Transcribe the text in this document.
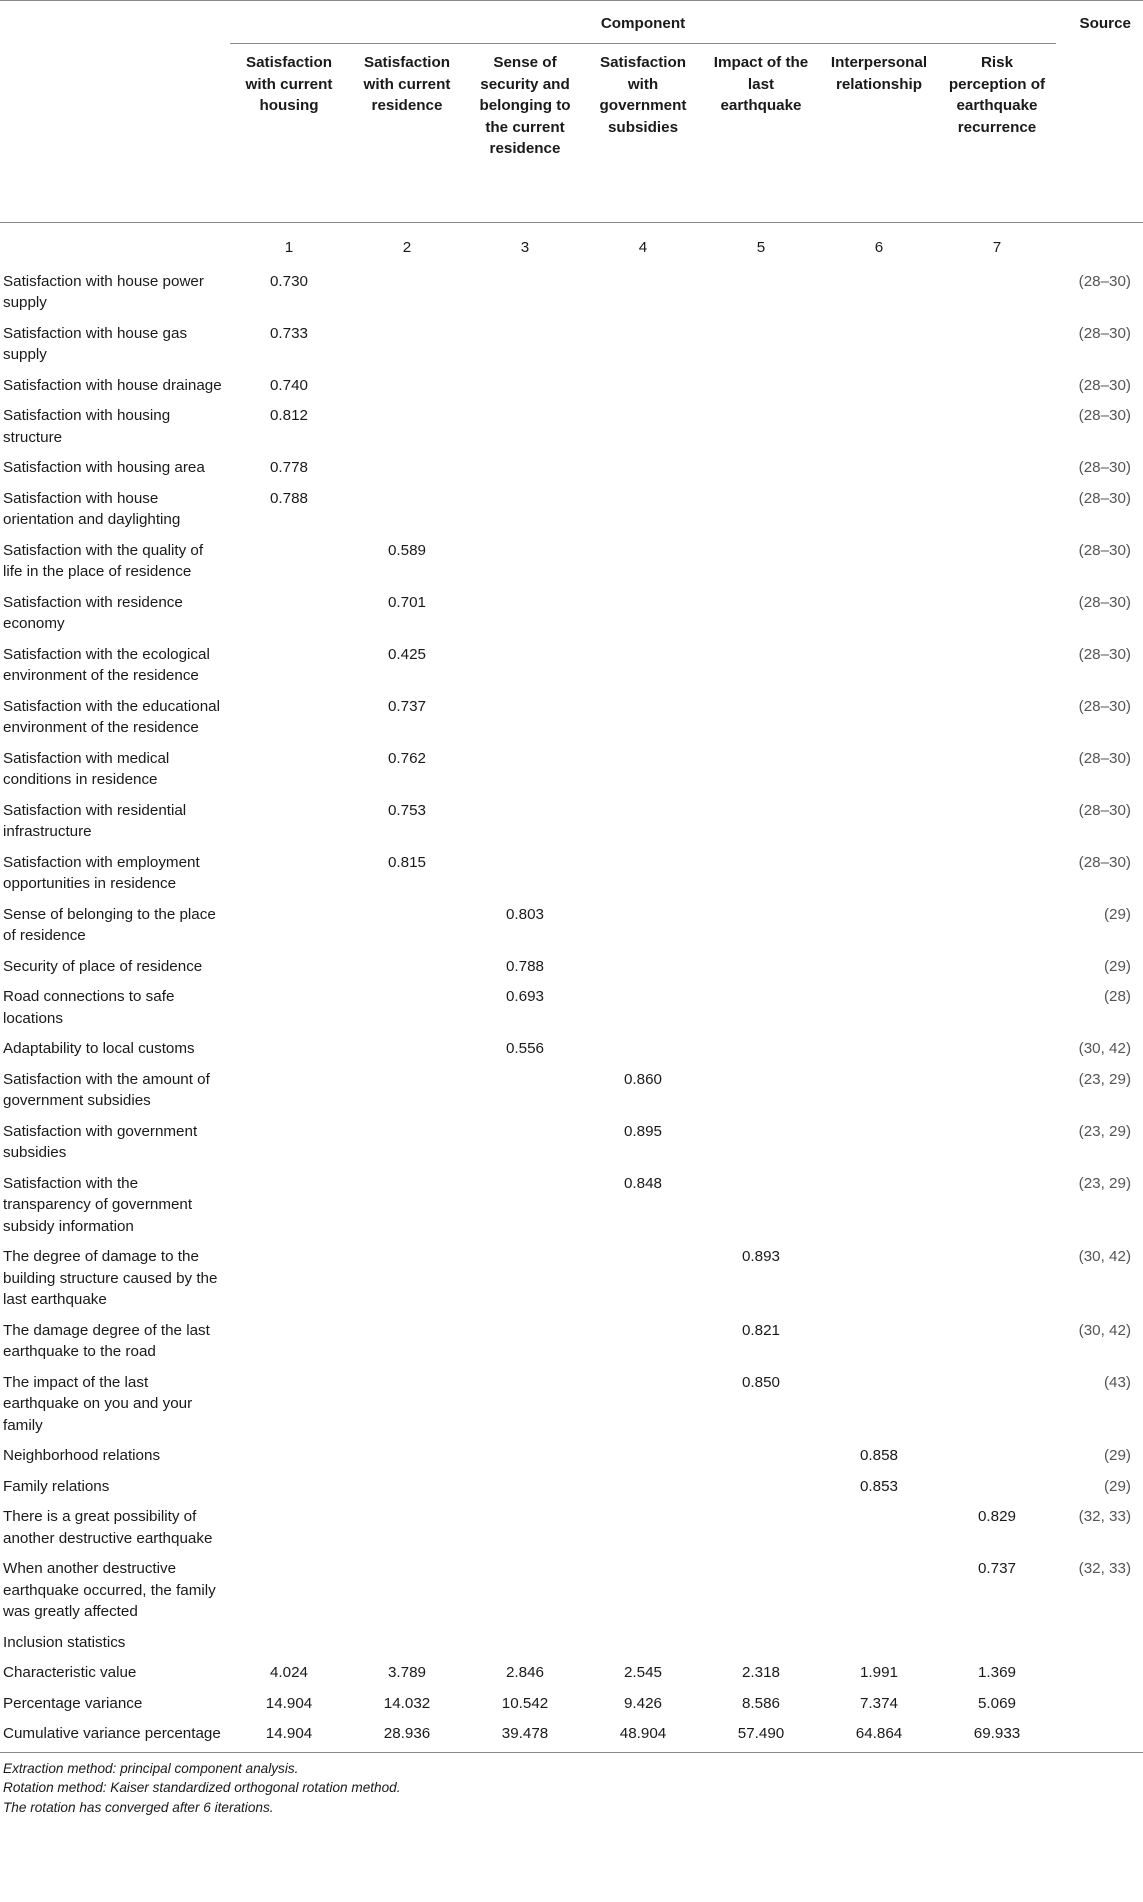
	Component							Source
	Satisfaction with current housing	Satisfaction with current residence	Sense of security and belonging to the current residence	Satisfaction with government subsidies	Impact of the last earthquake	Interpersonal relationship	Risk perception of earthquake recurrence	

	1	2	3	4	5	6	7	
Satisfaction with house power supply	0.730							(28–30)
Satisfaction with house gas supply	0.733							(28–30)
Satisfaction with house drainage	0.740							(28–30)
Satisfaction with housing structure	0.812							(28–30)
Satisfaction with housing area	0.778							(28–30)
Satisfaction with house orientation and daylighting	0.788							(28–30)
Satisfaction with the quality of life in the place of residence		0.589						(28–30)
Satisfaction with residence economy		0.701						(28–30)
Satisfaction with the ecological environment of the residence		0.425						(28–30)
Satisfaction with the educational environment of the residence		0.737						(28–30)
Satisfaction with medical conditions in residence		0.762						(28–30)
Satisfaction with residential infrastructure		0.753						(28–30)
Satisfaction with employment opportunities in residence		0.815						(28–30)
Sense of belonging to the place of residence			0.803					(29)
Security of place of residence			0.788					(29)
Road connections to safe locations			0.693					(28)
Adaptability to local customs			0.556					(30, 42)
Satisfaction with the amount of government subsidies				0.860				(23, 29)
Satisfaction with government subsidies				0.895				(23, 29)
Satisfaction with the transparency of government subsidy information				0.848				(23, 29)
The degree of damage to the building structure caused by the last earthquake					0.893			(30, 42)
The damage degree of the last earthquake to the road					0.821			(30, 42)
The impact of the last earthquake on you and your family					0.850			(43)
Neighborhood relations						0.858		(29)
Family relations						0.853		(29)
There is a great possibility of another destructive earthquake							0.829	(32, 33)
When another destructive earthquake occurred, the family was greatly affected							0.737	(32, 33)
Inclusion statistics								
Characteristic value	4.024	3.789	2.846	2.545	2.318	1.991	1.369	
Percentage variance	14.904	14.032	10.542	9.426	8.586	7.374	5.069	
Cumulative variance percentage	14.904	28.936	39.478	48.904	57.490	64.864	69.933	

Extraction method: principal component analysis.
Rotation method: Kaiser standardized orthogonal rotation method.
The rotation has converged after 6 iterations.
